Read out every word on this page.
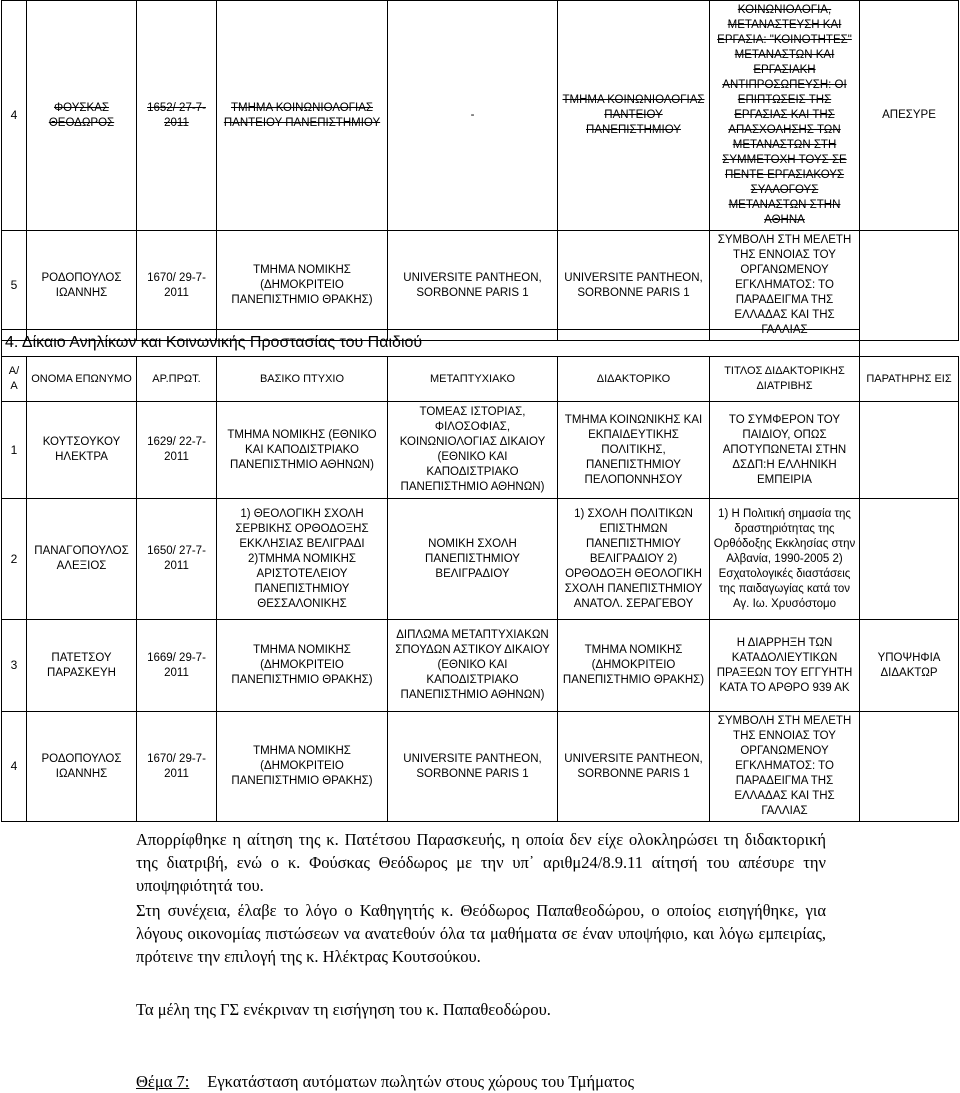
4	ΦΟΥΣΚΑΣ ΘΕΟΔΩΡΟΣ	1652/ 27-7-2011	ΤΜΗΜΑ ΚΟΙΝΩΝΙΟΛΟΓΙΑΣ ΠΑΝΤΕΙΟΥ ΠΑΝΕΠΙΣΤΗΜΙΟΥ	-	ΤΜΗΜΑ ΚΟΙΝΩΝΙΟΛΟΓΙΑΣ ΠΑΝΤΕΙΟΥ ΠΑΝΕΠΙΣΤΗΜΙΟΥ	ΚΟΙΝΩΝΙΟΛΟΓΙΑ, ΜΕΤΑΝΑΣΤΕΥΣΗ ΚΑΙ ΕΡΓΑΣΙΑ: "ΚΟΙΝΟΤΗΤΕΣ" ΜΕΤΑΝΑΣΤΩΝ ΚΑΙ ΕΡΓΑΣΙΑΚΗ ΑΝΤΙΠΡΟΣΩΠΕΥΣΗ: ΟΙ ΕΠΙΠΤΩΣΕΙΣ ΤΗΣ ΕΡΓΑΣΙΑΣ ΚΑΙ ΤΗΣ ΑΠΑΣΧΟΛΗΣΗΣ ΤΩΝ ΜΕΤΑΝΑΣΤΩΝ ΣΤΗ ΣΥΜΜΕΤΟΧΗ ΤΟΥΣ ΣΕ ΠΕΝΤΕ ΕΡΓΑΣΙΑΚΟΥΣ ΣΥΛΛΟΓΟΥΣ ΜΕΤΑΝΑΣΤΩΝ ΣΤΗΝ ΑΘΗΝΑ	ΑΠΕΣΥΡΕ
5	ΡΟΔΟΠΟΥΛΟΣ ΙΩΑΝΝΗΣ	1670/ 29-7-2011	ΤΜΗΜΑ ΝΟΜΙΚΗΣ (ΔΗΜΟΚΡΙΤΕΙΟ ΠΑΝΕΠΙΣΤΗΜΙΟ ΘΡΑΚΗΣ)	UNIVERSITE PANTHEON, SORBONNE PARIS 1	UNIVERSITE PANTHEON, SORBONNE PARIS 1	ΣΥΜΒΟΛΗ ΣΤΗ ΜΕΛΕΤΗ ΤΗΣ ΕΝΝΟΙΑΣ ΤΟΥ ΟΡΓΑΝΩΜΕΝΟΥ ΕΓΚΛΗΜΑΤΟΣ: ΤΟ ΠΑΡΑΔΕΙΓΜΑ ΤΗΣ ΕΛΛΑΔΑΣ ΚΑΙ ΤΗΣ ΓΑΛΛΙΑΣ	
4. Δίκαιο Ανηλίκων και Κοινωνικής Προστασίας του Παιδιού
Α/ Α	ΟΝΟΜΑ ΕΠΩΝΥΜΟ	ΑΡ.ΠΡΩΤ.	ΒΑΣΙΚΟ ΠΤΥΧΙΟ	ΜΕΤΑΠΤΥΧΙΑΚΟ	ΔΙΔΑΚΤΟΡΙΚΟ	ΤΙΤΛΟΣ ΔΙΔΑΚΤΟΡΙΚΗΣ ΔΙΑΤΡΙΒΗΣ	ΠΑΡΑΤΗΡΗΣ ΕΙΣ
1	ΚΟΥΤΣΟΥΚΟΥ ΗΛΕΚΤΡΑ	1629/ 22-7-2011	ΤΜΗΜΑ ΝΟΜΙΚΗΣ (ΕΘΝΙΚΟ ΚΑΙ ΚΑΠΟΔΙΣΤΡΙΑΚΟ ΠΑΝΕΠΙΣΤΗΜΙΟ ΑΘΗΝΩΝ)	ΤΟΜΕΑΣ ΙΣΤΟΡΙΑΣ, ΦΙΛΟΣΟΦΙΑΣ, ΚΟΙΝΩΝΙΟΛΟΓΙΑΣ ΔΙΚΑΙΟΥ (ΕΘΝΙΚΟ ΚΑΙ ΚΑΠΟΔΙΣΤΡΙΑΚΟ ΠΑΝΕΠΙΣΤΗΜΙΟ ΑΘΗΝΩΝ)	ΤΜΗΜΑ ΚΟΙΝΩΝΙΚΗΣ ΚΑΙ ΕΚΠΑΙΔΕΥΤΙΚΗΣ ΠΟΛΙΤΙΚΗΣ, ΠΑΝΕΠΙΣΤΗΜΙΟΥ ΠΕΛΟΠΟΝΝΗΣΟΥ	ΤΟ ΣΥΜΦΕΡΟΝ ΤΟΥ ΠΑΙΔΙΟΥ, ΟΠΩΣ ΑΠΟΤΥΠΩΝΕΤΑΙ ΣΤΗΝ ΔΣΔΠ:Η ΕΛΛΗΝΙΚΗ ΕΜΠΕΙΡΙΑ	
2	ΠΑΝΑΓΟΠΟΥΛΟΣ ΑΛΕΞΙΟΣ	1650/ 27-7-2011	1) ΘΕΟΛΟΓΙΚΗ ΣΧΟΛΗ ΣΕΡΒΙΚΗΣ ΟΡΘΟΔΟΞΗΣ ΕΚΚΛΗΣΙΑΣ ΒΕΛΙΓΡΑΔΙ 2)ΤΜΗΜΑ ΝΟΜΙΚΗΣ ΑΡΙΣΤΟΤΕΛΕΙΟΥ ΠΑΝΕΠΙΣΤΗΜΙΟΥ ΘΕΣΣΑΛΟΝΙΚΗΣ	ΝΟΜΙΚΗ ΣΧΟΛΗ ΠΑΝΕΠΙΣΤΗΜΙΟΥ ΒΕΛΙΓΡΑΔΙΟΥ	1) ΣΧΟΛΗ ΠΟΛΙΤΙΚΩΝ ΕΠΙΣΤΗΜΩΝ ΠΑΝΕΠΙΣΤΗΜΙΟΥ ΒΕΛΙΓΡΑΔΙΟΥ 2) ΟΡΘΟΔΟΞΗ ΘΕΟΛΟΓΙΚΗ ΣΧΟΛΗ ΠΑΝΕΠΙΣΤΗΜΙΟΥ ΑΝΑΤΟΛ. ΣΕΡΑΓΕΒΟΥ	1) Η Πολιτική σημασία της δραστηριότητας της Ορθόδοξης Εκκλησίας στην Αλβανία, 1990-2005 2) Εσχατολογικές διαστάσεις της παιδαγωγίας κατά τον Αγ. Ιω. Χρυσόστομο	
3	ΠΑΤΕΤΣΟΥ ΠΑΡΑΣΚΕΥΗ	1669/ 29-7-2011	ΤΜΗΜΑ ΝΟΜΙΚΗΣ (ΔΗΜΟΚΡΙΤΕΙΟ ΠΑΝΕΠΙΣΤΗΜΙΟ ΘΡΑΚΗΣ)	ΔΙΠΛΩΜΑ ΜΕΤΑΠΤΥΧΙΑΚΩΝ ΣΠΟΥΔΩΝ ΑΣΤΙΚΟΥ ΔΙΚΑΙΟΥ (ΕΘΝΙΚΟ ΚΑΙ ΚΑΠΟΔΙΣΤΡΙΑΚΟ ΠΑΝΕΠΙΣΤΗΜΙΟ ΑΘΗΝΩΝ)	ΤΜΗΜΑ ΝΟΜΙΚΗΣ (ΔΗΜΟΚΡΙΤΕΙΟ ΠΑΝΕΠΙΣΤΗΜΙΟ ΘΡΑΚΗΣ)	Η ΔΙΑΡΡΗΞΗ ΤΩΝ ΚΑΤΑΔΟΛΙΕΥΤΙΚΩΝ ΠΡΑΞΕΩΝ ΤΟΥ ΕΓΓΥΗΤΗ ΚΑΤΑ ΤΟ ΑΡΘΡΟ 939 ΑΚ	ΥΠΟΨΗΦΙΑ ΔΙΔΑΚΤΩΡ
4	ΡΟΔΟΠΟΥΛΟΣ ΙΩΑΝΝΗΣ	1670/ 29-7-2011	ΤΜΗΜΑ ΝΟΜΙΚΗΣ (ΔΗΜΟΚΡΙΤΕΙΟ ΠΑΝΕΠΙΣΤΗΜΙΟ ΘΡΑΚΗΣ)	UNIVERSITE PANTHEON, SORBONNE PARIS 1	UNIVERSITE PANTHEON, SORBONNE PARIS 1	ΣΥΜΒΟΛΗ ΣΤΗ ΜΕΛΕΤΗ ΤΗΣ ΕΝΝΟΙΑΣ ΤΟΥ ΟΡΓΑΝΩΜΕΝΟΥ ΕΓΚΛΗΜΑΤΟΣ: ΤΟ ΠΑΡΑΔΕΙΓΜΑ ΤΗΣ ΕΛΛΑΔΑΣ ΚΑΙ ΤΗΣ ΓΑΛΛΙΑΣ	
Απορρίφθηκε η αίτηση της κ. Πατέτσου Παρασκευής, η οποία δεν είχε ολοκληρώσει τη διδακτορική της διατριβή, ενώ ο κ. Φούσκας Θεόδωρος με την υπ᾽ αριθμ24/8.9.11 αίτησή του απέσυρε την υποψηφιότητά του.
Στη συνέχεια, έλαβε το λόγο ο Καθηγητής κ. Θεόδωρος Παπαθεοδώρου, ο οποίος εισηγήθηκε, για λόγους οικονομίας πιστώσεων να ανατεθούν όλα τα μαθήματα σε έναν υποψήφιο, και λόγω εμπειρίας, πρότεινε την επιλογή της κ. Ηλέκτρας Κουτσούκου.
Τα μέλη της ΓΣ ενέκριναν τη εισήγηση του κ. Παπαθεοδώρου.
Θέμα 7: Εγκατάσταση αυτόματων πωλητών στους χώρους του Τμήματος
